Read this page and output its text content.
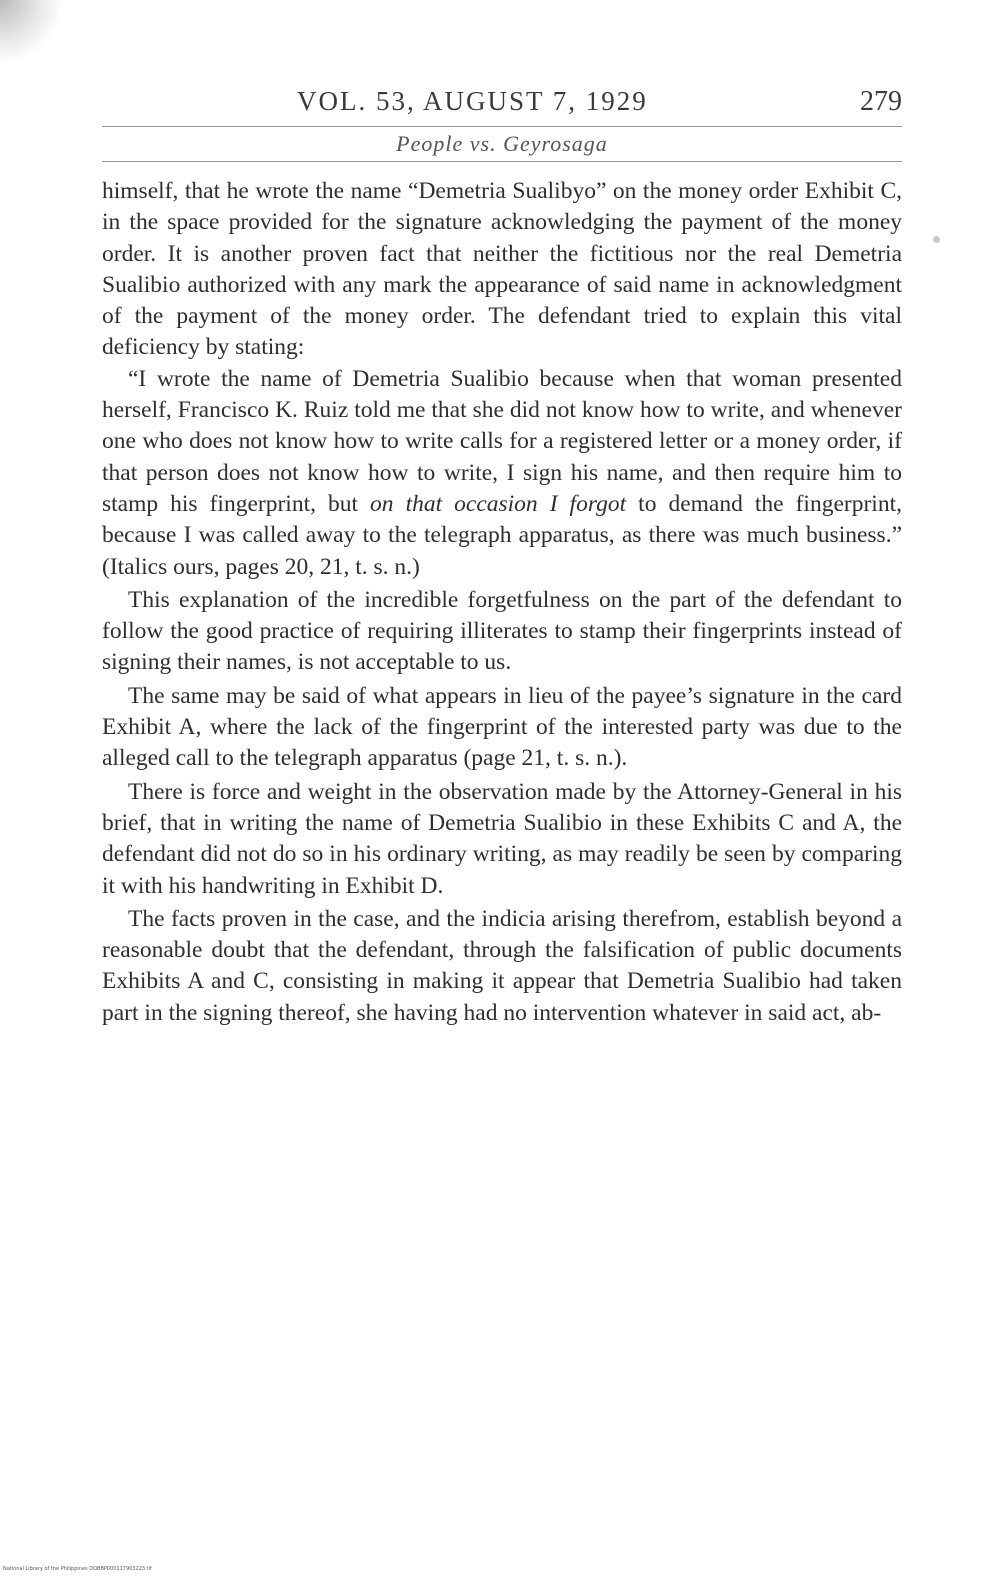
VOL. 53, AUGUST 7, 1929	279
People vs. Geyrosaga

himself, that he wrote the name “Demetria Sualibyo” on the money order Exhibit C, in the space provided for the signature acknowledging the payment of the money order. It is another proven fact that neither the fictitious nor the real Demetria Sualibio authorized with any mark the appearance of said name in acknowledgment of the payment of the money order. The defendant tried to explain this vital deficiency by stating:

“I wrote the name of Demetria Sualibio because when that woman presented herself, Francisco K. Ruiz told me that she did not know how to write, and whenever one who does not know how to write calls for a registered letter or a money order, if that person does not know how to write, I sign his name, and then require him to stamp his fingerprint, but on that occasion I forgot to demand the fingerprint, because I was called away to the telegraph apparatus, as there was much business.” (Italics ours, pages 20, 21, t. s. n.)

This explanation of the incredible forgetfulness on the part of the defendant to follow the good practice of requiring illiterates to stamp their fingerprints instead of signing their names, is not acceptable to us.

The same may be said of what appears in lieu of the payee’s signature in the card Exhibit A, where the lack of the fingerprint of the interested party was due to the alleged call to the telegraph apparatus (page 21, t. s. n.).

There is force and weight in the observation made by the Attorney-General in his brief, that in writing the name of Demetria Sualibio in these Exhibits C and A, the defendant did not do so in his ordinary writing, as may readily be seen by comparing it with his handwriting in Exhibit D.

The facts proven in the case, and the indicia arising therefrom, establish beyond a reasonable doubt that the defendant, through the falsification of public documents Exhibits A and C, consisting in making it appear that Demetria Sualibio had taken part in the signing thereof, she having had no intervention whatever in said act, ab-

National Library of the Philippines DOBBP000117903223.tif
